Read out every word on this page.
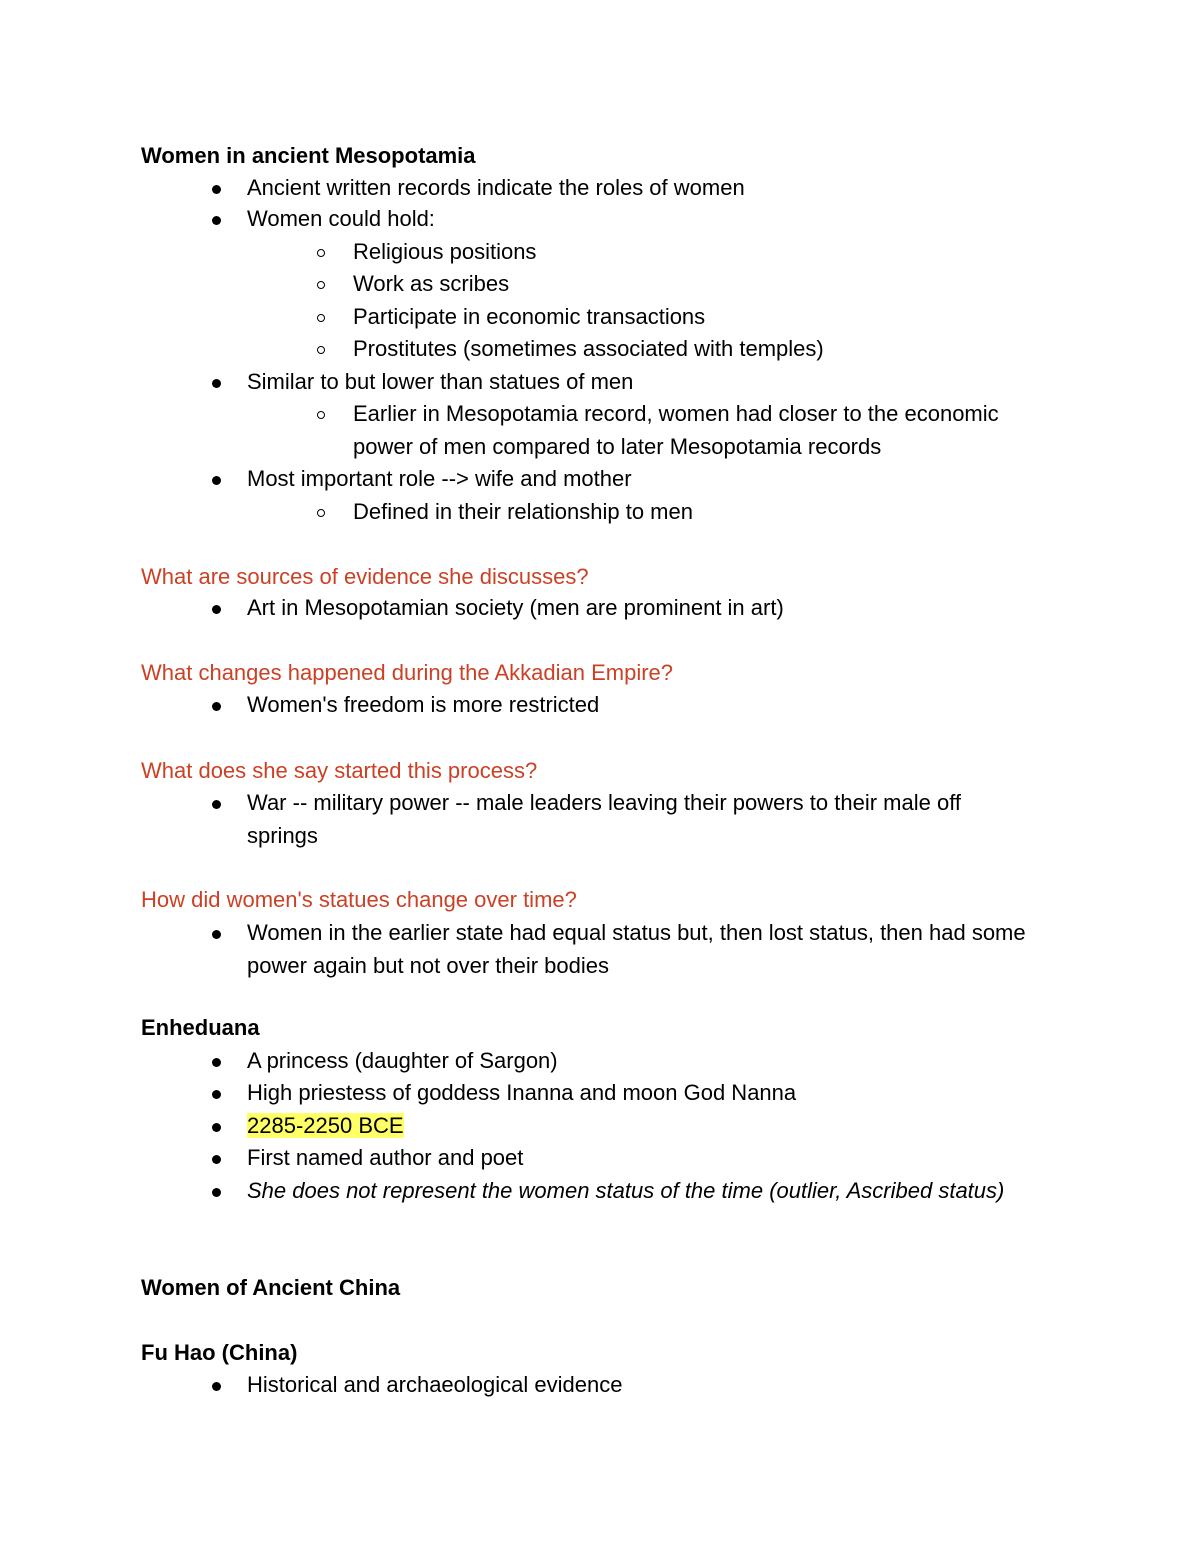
Women in ancient Mesopotamia
Ancient written records indicate the roles of women
Women could hold:
Religious positions
Work as scribes
Participate in economic transactions
Prostitutes (sometimes associated with temples)
Similar to but lower than statues of men
Earlier in Mesopotamia record, women had closer to the economic power of men compared to later Mesopotamia records
Most important role --> wife and mother
Defined in their relationship to men
What are sources of evidence she discusses?
Art in Mesopotamian society (men are prominent in art)
What changes happened during the Akkadian Empire?
Women's freedom is more restricted
What does she say started this process?
War -- military power -- male leaders leaving their powers to their male off springs
How did women's statues change over time?
Women in the earlier state had equal status but, then lost status, then had some power again but not over their bodies
Enheduana
A princess (daughter of Sargon)
High priestess of goddess Inanna and moon God Nanna
2285-2250 BCE
First named author and poet
She does not represent the women status of the time (outlier, Ascribed status)
Women of Ancient China
Fu Hao (China)
Historical and archaeological evidence
